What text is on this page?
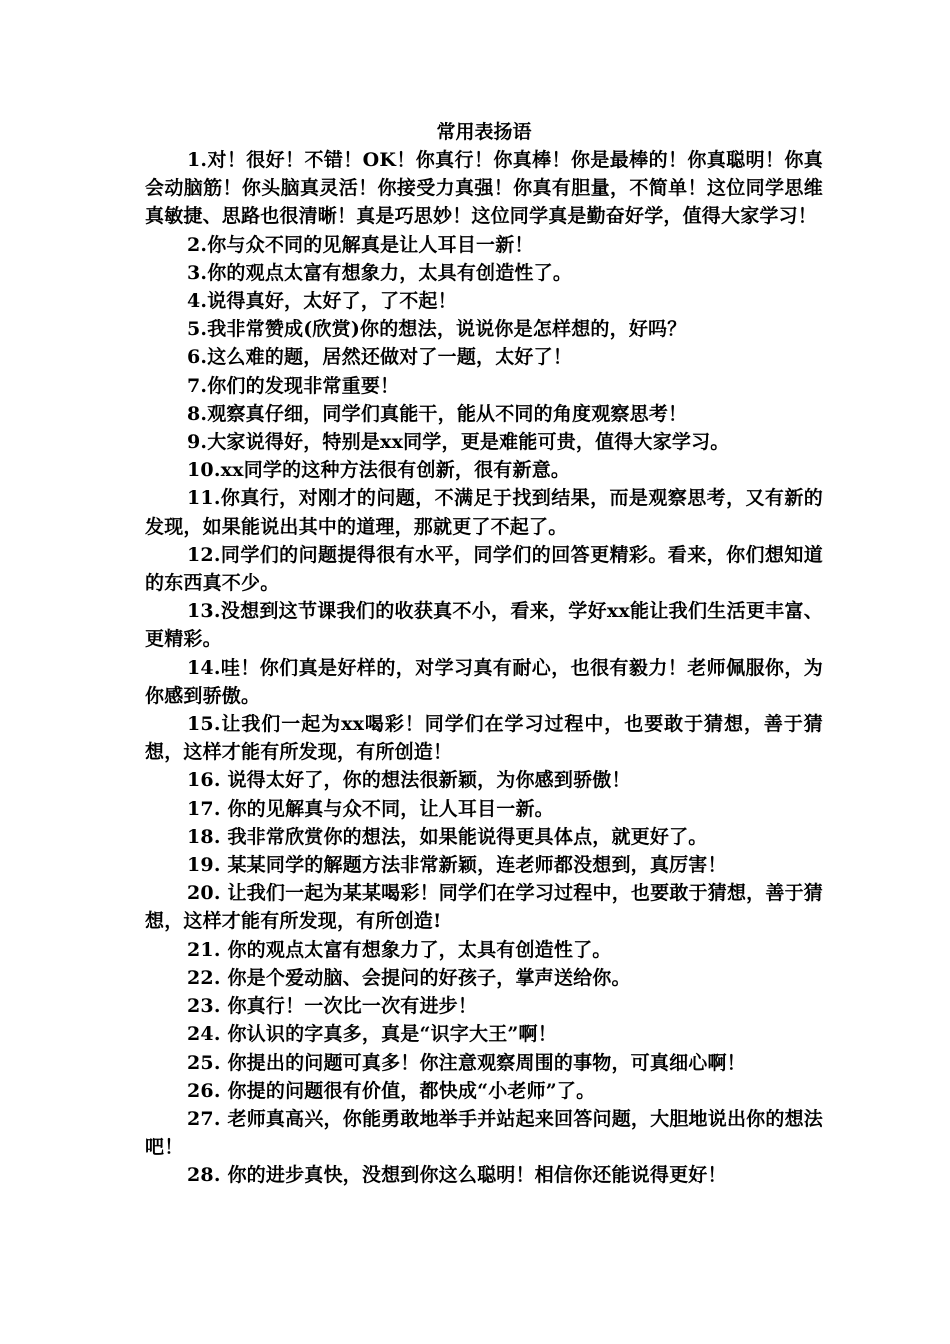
常用表扬语

1.对！很好！不错！OK！你真行！你真棒！你是最棒的！你真聪明！你真会动脑筋！你头脑真灵活！你接受力真强！你真有胆量，不简单！这位同学思维真敏捷、思路也很清晰！真是巧思妙！这位同学真是勤奋好学，值得大家学习！

2.你与众不同的见解真是让人耳目一新！

3.你的观点太富有想象力，太具有创造性了。

4.说得真好，太好了，了不起！

5.我非常赞成(欣赏)你的想法，说说你是怎样想的，好吗？

6.这么难的题，居然还做对了一题，太好了！

7.你们的发现非常重要！

8.观察真仔细，同学们真能干，能从不同的角度观察思考！

9.大家说得好，特别是xx同学，更是难能可贵，值得大家学习。

10.xx同学的这种方法很有创新，很有新意。

11.你真行，对刚才的问题，不满足于找到结果，而是观察思考，又有新的发现，如果能说出其中的道理，那就更了不起了。

12.同学们的问题提得很有水平，同学们的回答更精彩。看来，你们想知道的东西真不少。

13.没想到这节课我们的收获真不小，看来，学好xx能让我们生活更丰富、更精彩。

14.哇！你们真是好样的，对学习真有耐心，也很有毅力！老师佩服你，为你感到骄傲。

15.让我们一起为xx喝彩！同学们在学习过程中，也要敢于猜想，善于猜想，这样才能有所发现，有所创造！

16. 说得太好了，你的想法很新颖，为你感到骄傲！

17. 你的见解真与众不同，让人耳目一新。

18. 我非常欣赏你的想法，如果能说得更具体点，就更好了。

19. 某某同学的解题方法非常新颖，连老师都没想到，真厉害！

20. 让我们一起为某某喝彩！同学们在学习过程中，也要敢于猜想，善于猜想，这样才能有所发现，有所创造!

21. 你的观点太富有想象力了，太具有创造性了。

22. 你是个爱动脑、会提问的好孩子，掌声送给你。

23. 你真行！一次比一次有进步！

24. 你认识的字真多，真是“识字大王”啊！

25. 你提出的问题可真多！你注意观察周围的事物，可真细心啊！

26. 你提的问题很有价值，都快成“小老师”了。

27. 老师真高兴，你能勇敢地举手并站起来回答问题，大胆地说出你的想法吧！

28. 你的进步真快，没想到你这么聪明！相信你还能说得更好！
